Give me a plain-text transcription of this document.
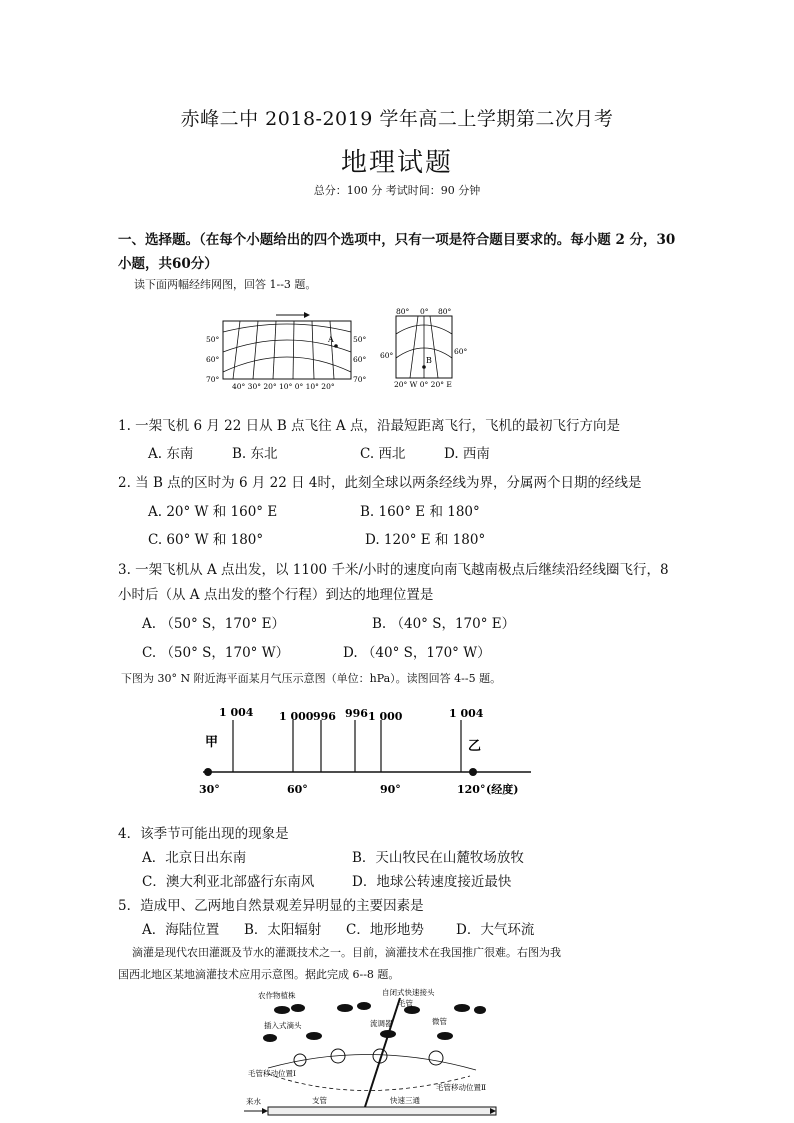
赤峰二中 2018-2019 学年高二上学期第二次月考
地理试题
总分：100 分 考试时间：90 分钟
一、选择题。（在每个小题给出的四个选项中，只有一项是符合题目要求的。每小题 2 分，30 小题，共60分）
读下面两幅经纬网图，回答 1--3 题。
A
50°
60°
70°
50°
60°
70°
40° 30° 20° 10° 0° 10° 20°
B
80° 0° 80°
60°	60°
20° W 0° 20° E
1. 一架飞机 6 月 22 日从 B 点飞往 A 点，沿最短距离飞行，飞机的最初飞行方向是
A. 东南	B. 东北	C. 西北	D. 西南
2. 当 B 点的区时为 6 月 22 日 4时，此刻全球以两条经线为界，分属两个日期的经线是
A. 20° W 和 160° E	B. 160° E 和 180°
C. 60° W 和 180°	D. 120° E 和 180°
3. 一架飞机从 A 点出发，以 1100 千米/小时的速度向南飞越南极点后继续沿经线圈飞行，8
小时后（从 A 点出发的整个行程）到达的地理位置是
A. （50° S，170° E）	B. （40° S，170° E）
C. （50° S，170° W）	D. （40° S，170° W）
下图为 30° N 附近海平面某月气压示意图（单位：hPa）。读图回答 4--5 题。
1 004 1 000 996 996 1 000	1 004
甲	乙
30°	60°	90°	120° (经度)
4．该季节可能出现的现象是
A．北京日出东南	B．天山牧民在山麓牧场放牧
C．澳大利亚北部盛行东南风	D．地球公转速度接近最快
5．造成甲、乙两地自然景观差异明显的主要因素是
A．海陆位置 B．太阳辐射 C．地形地势 D．大气环流
滴灌是现代农田灌溉及节水的灌溉技术之一。目前，滴灌技术在我国推广很难。右图为我
国西北地区某地滴灌技术应用示意图。据此完成 6--8 题。
自闭式快速接头
农作物植株
毛管
插入式滴头	流调器	微管
毛管移动位置Ⅰ
毛管移动位置Ⅱ
来水	支管	快速三通
